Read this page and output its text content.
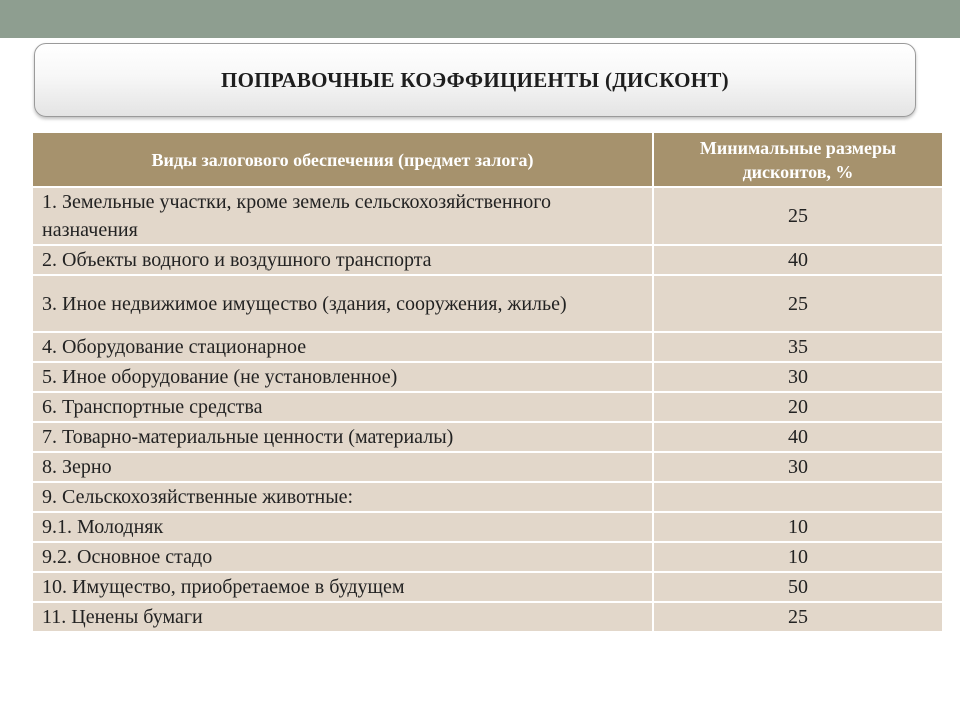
ПОПРАВОЧНЫЕ КОЭФФИЦИЕНТЫ (ДИСКОНТ)
Виды залогового обеспечения (предмет залога)	Минимальные размеры дисконтов, %
1. Земельные участки, кроме земель сельскохозяйственного назначения	25
2. Объекты водного и воздушного транспорта	40
3. Иное недвижимое имущество (здания, сооружения, жилье)	25
4. Оборудование стационарное	35
5. Иное оборудование (не установленное)	30
6. Транспортные средства	20
7. Товарно-материальные ценности (материалы)	40
8. Зерно	30
9. Сельскохозяйственные животные:	
9.1. Молодняк	10
9.2. Основное стадо	10
10. Имущество, приобретаемое в будущем	50
11. Ценены бумаги	25
